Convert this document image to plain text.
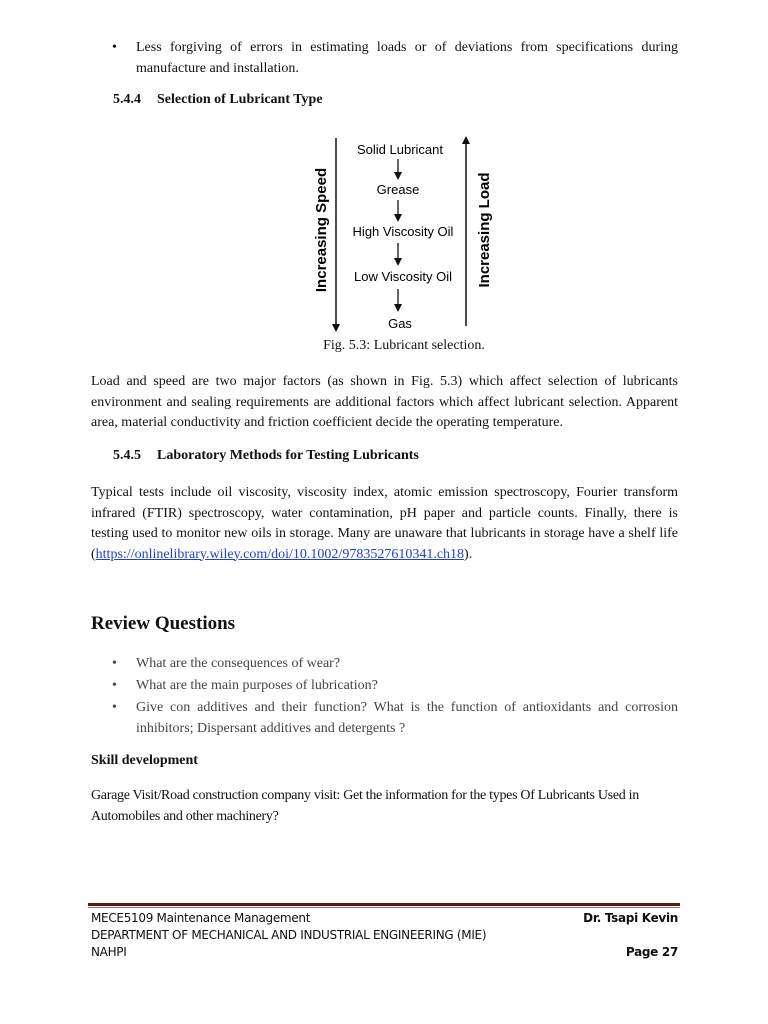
•	Less forgiving of errors in estimating loads or of deviations from specifications during manufacture and installation.
5.4.4 Selection of Lubricant Type
Increasing Speed	Increasing Load
Solid Lubricant
Grease
High Viscosity Oil
Low Viscosity Oil
Gas
Fig. 5.3: Lubricant selection.
Load and speed are two major factors (as shown in Fig. 5.3) which affect selection of lubricants environment and sealing requirements are additional factors which affect lubricant selection. Apparent area, material conductivity and friction coefficient decide the operating temperature.
5.4.5 Laboratory Methods for Testing Lubricants
Typical tests include oil viscosity, viscosity index, atomic emission spectroscopy, Fourier transform infrared (FTIR) spectroscopy, water contamination, pH paper and particle counts. Finally, there is testing used to monitor new oils in storage. Many are unaware that lubricants in storage have a shelf life (https://onlinelibrary.wiley.com/doi/10.1002/9783527610341.ch18).
Review Questions
•	What are the consequences of wear?
•	What are the main purposes of lubrication?
•	Give con additives and their function? What is the function of antioxidants and corrosion inhibitors; Dispersant additives and detergents ?
Skill development
Garage Visit/Road construction company visit: Get the information for the types Of Lubricants Used in Automobiles and other machinery?
MECE5109 Maintenance Management	Dr. Tsapi Kevin
DEPARTMENT OF MECHANICAL AND INDUSTRIAL ENGINEERING (MIE)
NAHPI	Page 27
